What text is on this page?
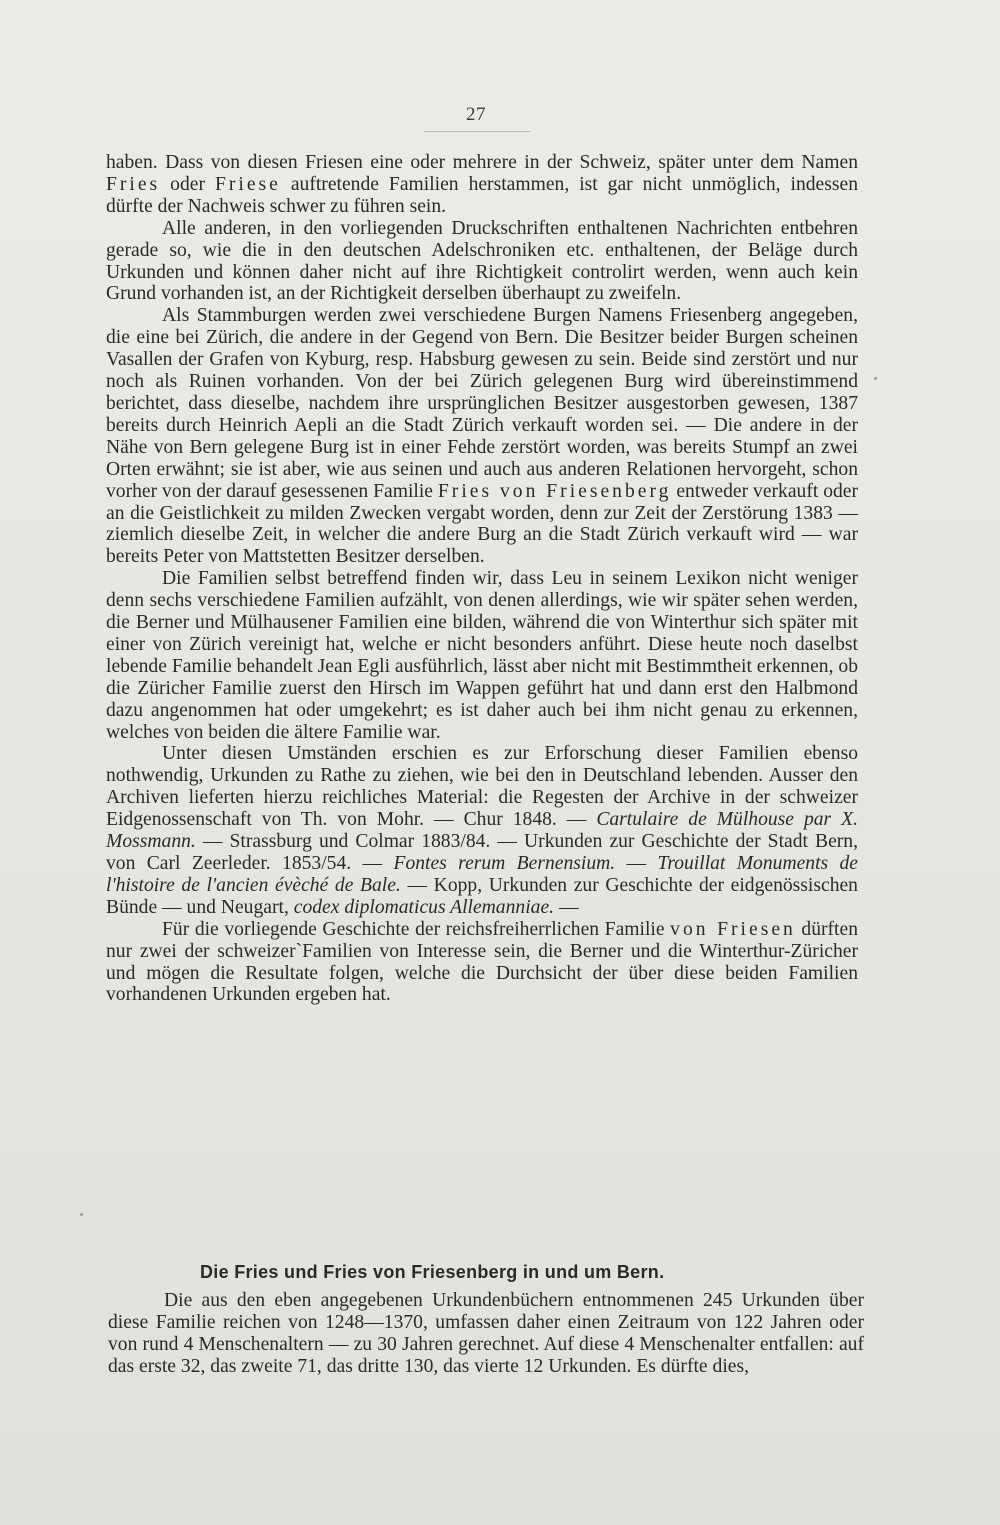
27

haben. Dass von diesen Friesen eine oder mehrere in der Schweiz, später unter dem Namen Fries oder Friese auftretende Familien herstammen, ist gar nicht unmöglich, indessen dürfte der Nachweis schwer zu führen sein.

Alle anderen, in den vorliegenden Druckschriften enthaltenen Nachrichten entbehren gerade so, wie die in den deutschen Adelschroniken etc. enthaltenen, der Beläge durch Urkunden und können daher nicht auf ihre Richtigkeit controlirt werden, wenn auch kein Grund vorhanden ist, an der Richtigkeit derselben überhaupt zu zweifeln.

Als Stammburgen werden zwei verschiedene Burgen Namens Friesenberg angegeben, die eine bei Zürich, die andere in der Gegend von Bern. Die Besitzer beider Burgen scheinen Vasallen der Grafen von Kyburg, resp. Habsburg gewesen zu sein. Beide sind zerstört und nur noch als Ruinen vorhanden. Von der bei Zürich gelegenen Burg wird übereinstimmend berichtet, dass dieselbe, nachdem ihre ursprünglichen Besitzer ausgestorben gewesen, 1387 bereits durch Heinrich Aepli an die Stadt Zürich verkauft worden sei. — Die andere in der Nähe von Bern gelegene Burg ist in einer Fehde zerstört worden, was bereits Stumpf an zwei Orten erwähnt; sie ist aber, wie aus seinen und auch aus anderen Relationen hervorgeht, schon vorher von der darauf gesessenen Familie Fries von Friesenberg entweder verkauft oder an die Geistlichkeit zu milden Zwecken vergabt worden, denn zur Zeit der Zerstörung 1383 — ziemlich dieselbe Zeit, in welcher die andere Burg an die Stadt Zürich verkauft wird — war bereits Peter von Mattstetten Besitzer derselben.

Die Familien selbst betreffend finden wir, dass Leu in seinem Lexikon nicht weniger denn sechs verschiedene Familien aufzählt, von denen allerdings, wie wir später sehen werden, die Berner und Mülhausener Familien eine bilden, während die von Winterthur sich später mit einer von Zürich vereinigt hat, welche er nicht besonders anführt. Diese heute noch daselbst lebende Familie behandelt Jean Egli ausführlich, lässt aber nicht mit Bestimmtheit erkennen, ob die Züricher Familie zuerst den Hirsch im Wappen geführt hat und dann erst den Halbmond dazu angenommen hat oder umgekehrt; es ist daher auch bei ihm nicht genau zu erkennen, welches von beiden die ältere Familie war.

Unter diesen Umständen erschien es zur Erforschung dieser Familien ebenso nothwendig, Urkunden zu Rathe zu ziehen, wie bei den in Deutschland lebenden. Ausser den Archiven lieferten hierzu reichliches Material: die Regesten der Archive in der schweizer Eidgenossenschaft von Th. von Mohr. — Chur 1848. — Cartulaire de Mülhouse par X. Mossmann. — Strassburg und Colmar 1883/84. — Urkunden zur Geschichte der Stadt Bern, von Carl Zeerleder. 1853/54. — Fontes rerum Bernensium. — Trouillat Monuments de l'histoire de l'ancien évèché de Bale. — Kopp, Urkunden zur Geschichte der eidgenössischen Bünde — und Neugart, codex diplomaticus Allemanniae. —

Für die vorliegende Geschichte der reichsfreiherrlichen Familie von Friesen dürften nur zwei der schweizer`Familien von Interesse sein, die Berner und die Winterthur-Züricher und mögen die Resultate folgen, welche die Durchsicht der über diese beiden Familien vorhandenen Urkunden ergeben hat.

Die Fries und Fries von Friesenberg in und um Bern.

Die aus den eben angegebenen Urkundenbüchern entnommenen 245 Urkunden über diese Familie reichen von 1248—1370, umfassen daher einen Zeitraum von 122 Jahren oder von rund 4 Menschenaltern — zu 30 Jahren gerechnet. Auf diese 4 Menschenalter entfallen: auf das erste 32, das zweite 71, das dritte 130, das vierte 12 Urkunden. Es dürfte dies,
